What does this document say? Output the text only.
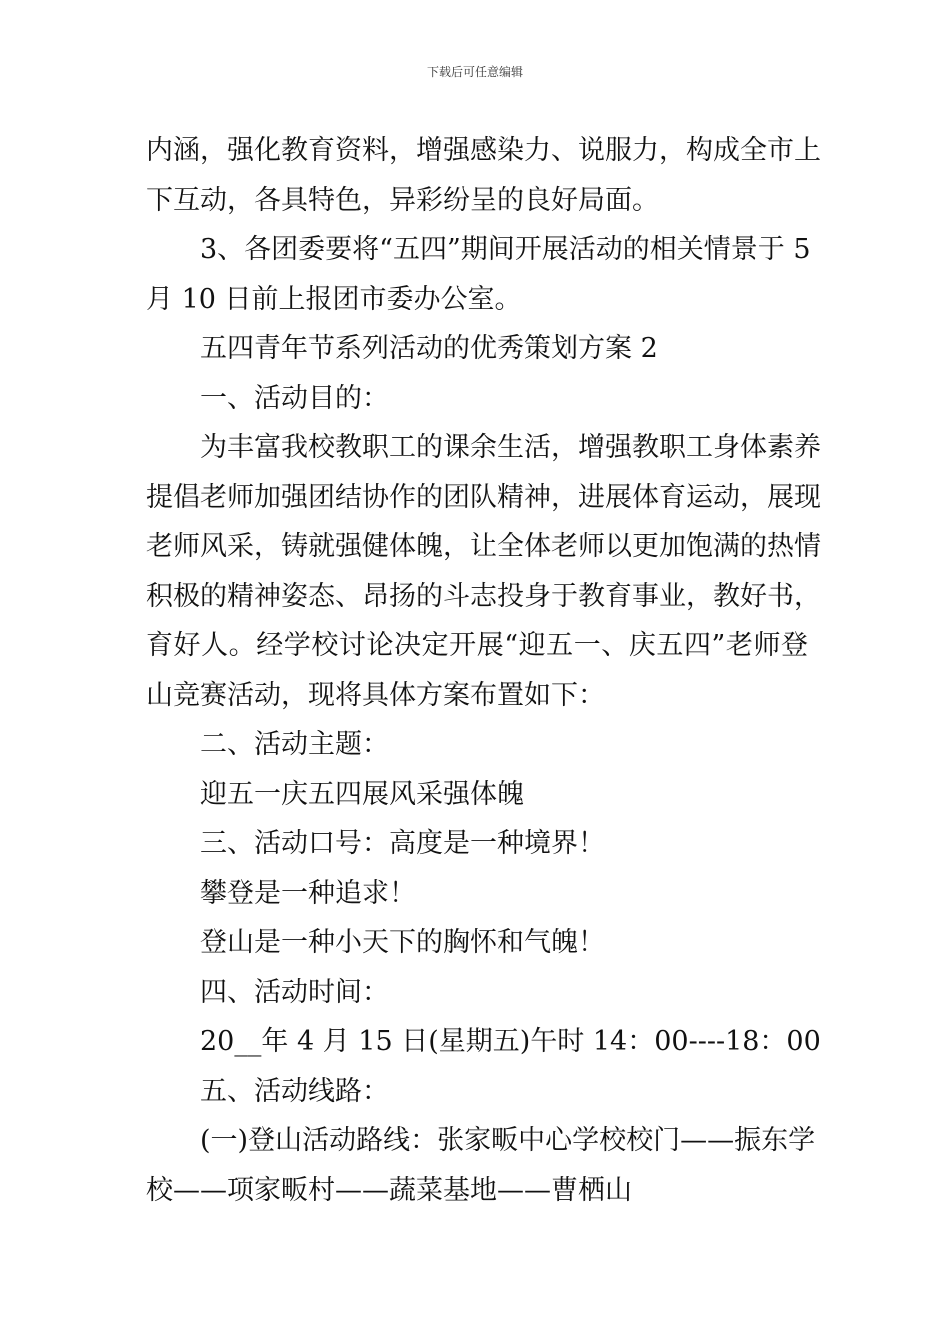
下载后可任意编辑
内涵，强化教育资料，增强感染力、说服力，构成全市上
下互动，各具特色，异彩纷呈的良好局面。
3、各团委要将“五四”期间开展活动的相关情景于 5
月 10 日前上报团市委办公室。
五四青年节系列活动的优秀策划方案 2
一、活动目的：
为丰富我校教职工的课余生活，增强教职工身体素养
提倡老师加强团结协作的团队精神，进展体育运动，展现
老师风采，铸就强健体魄，让全体老师以更加饱满的热情
积极的精神姿态、昂扬的斗志投身于教育事业，教好书，
育好人。经学校讨论决定开展“迎五一、庆五四”老师登
山竞赛活动，现将具体方案布置如下：
二、活动主题：
迎五一庆五四展风采强体魄
三、活动口号：高度是一种境界！
攀登是一种追求！
登山是一种小天下的胸怀和气魄！
四、活动时间：
20__年 4 月 15 日(星期五)午时 14：00----18：00
五、活动线路：
(一)登山活动路线：张家畈中心学校校门——振东学
校——项家畈村——蔬菜基地——曹栖山
